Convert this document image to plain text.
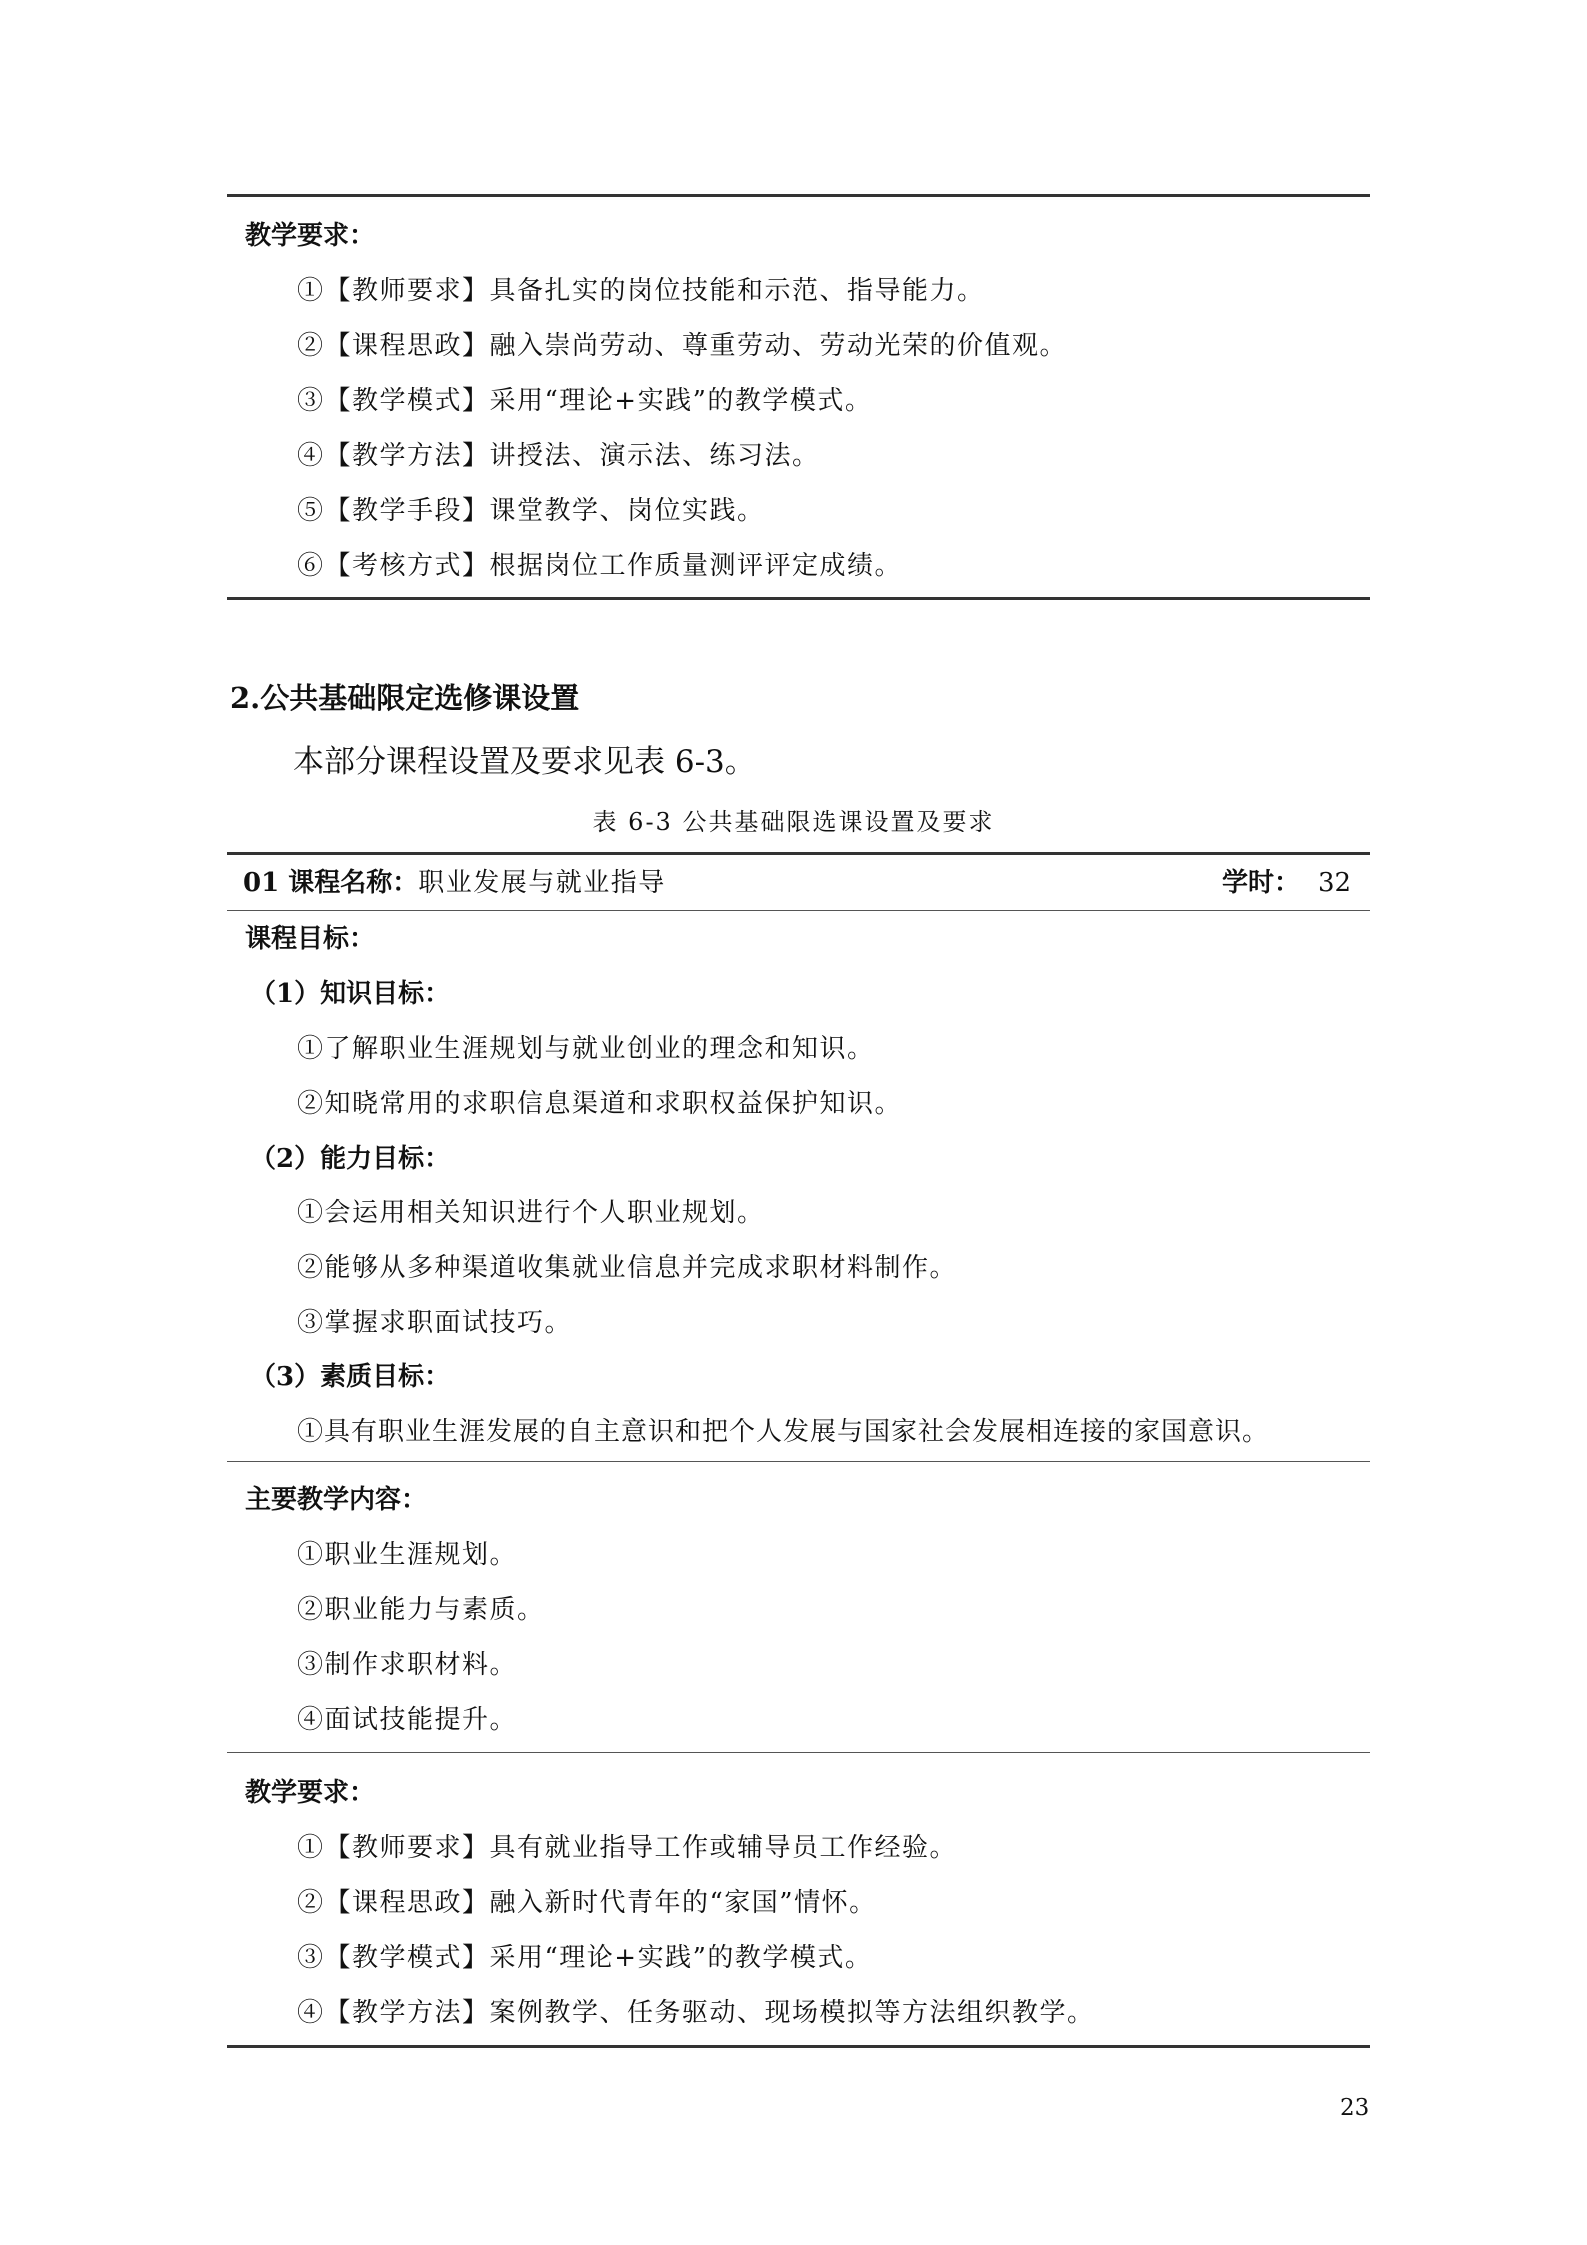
教学要求：
①【教师要求】具备扎实的岗位技能和示范、指导能力。
②【课程思政】融入崇尚劳动、尊重劳动、劳动光荣的价值观。
③【教学模式】采用“理论+实践”的教学模式。
④【教学方法】讲授法、演示法、练习法。
⑤【教学手段】课堂教学、岗位实践。
⑥【考核方式】根据岗位工作质量测评评定成绩。
2.公共基础限定选修课设置
本部分课程设置及要求见表 6-3。
表 6-3 公共基础限选课设置及要求
01 课程名称：职业发展与就业指导	学时： 32
课程目标：
（1）知识目标：
①了解职业生涯规划与就业创业的理念和知识。
②知晓常用的求职信息渠道和求职权益保护知识。
（2）能力目标：
①会运用相关知识进行个人职业规划。
②能够从多种渠道收集就业信息并完成求职材料制作。
③掌握求职面试技巧。
（3）素质目标：
①具有职业生涯发展的自主意识和把个人发展与国家社会发展相连接的家国意识。
主要教学内容：
①职业生涯规划。
②职业能力与素质。
③制作求职材料。
④面试技能提升。
教学要求：
①【教师要求】具有就业指导工作或辅导员工作经验。
②【课程思政】融入新时代青年的“家国”情怀。
③【教学模式】采用“理论+实践”的教学模式。
④【教学方法】案例教学、任务驱动、现场模拟等方法组织教学。
23
